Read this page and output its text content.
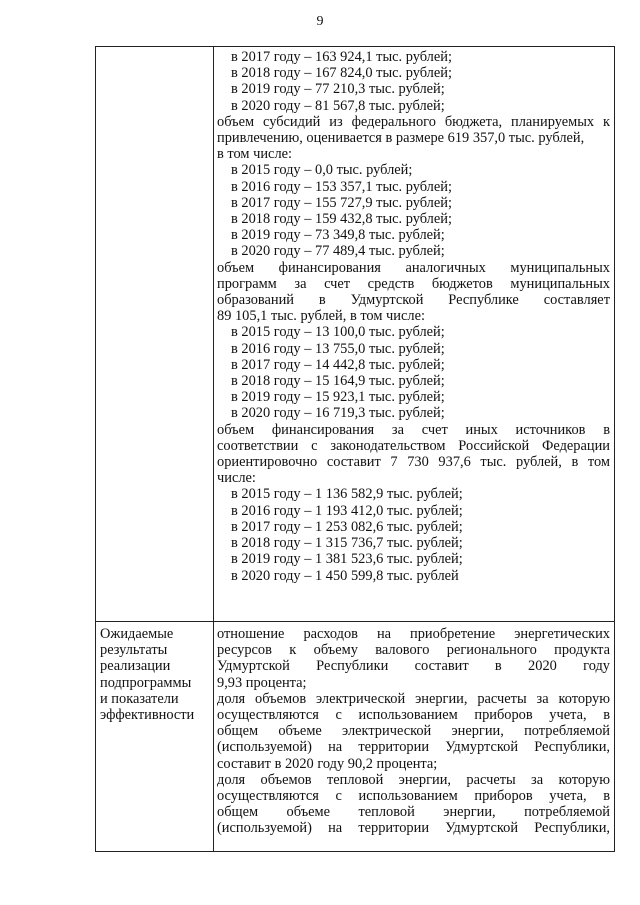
9
в 2017 году – 163 924,1 тыс. рублей;
в 2018 году – 167 824,0 тыс. рублей;
в 2019 году – 77 210,3 тыс. рублей;
в 2020 году – 81 567,8 тыс. рублей;
объем субсидий из федерального бюджета, планируемых к
привлечению, оценивается в размере 619 357,0 тыс. рублей,
в том числе:
в 2015 году – 0,0 тыс. рублей;
в 2016 году – 153 357,1 тыс. рублей;
в 2017 году – 155 727,9 тыс. рублей;
в 2018 году – 159 432,8 тыс. рублей;
в 2019 году – 73 349,8 тыс. рублей;
в 2020 году – 77 489,4 тыс. рублей;
объем финансирования аналогичных муниципальных
программ за счет средств бюджетов муниципальных
образований в Удмуртской Республике составляет
89 105,1 тыс. рублей, в том числе:
в 2015 году – 13 100,0 тыс. рублей;
в 2016 году – 13 755,0 тыс. рублей;
в 2017 году – 14 442,8 тыс. рублей;
в 2018 году – 15 164,9 тыс. рублей;
в 2019 году – 15 923,1 тыс. рублей;
в 2020 году – 16 719,3 тыс. рублей;
объем финансирования за счет иных источников в
соответствии с законодательством Российской Федерации
ориентировочно составит 7 730 937,6 тыс. рублей, в том
числе:
в 2015 году – 1 136 582,9 тыс. рублей;
в 2016 году – 1 193 412,0 тыс. рублей;
в 2017 году – 1 253 082,6 тыс. рублей;
в 2018 году – 1 315 736,7 тыс. рублей;
в 2019 году – 1 381 523,6 тыс. рублей;
в 2020 году – 1 450 599,8 тыс. рублей
Ожидаемые
результаты
реализации
подпрограммы
и показатели
эффективности
отношение расходов на приобретение энергетических
ресурсов к объему валового регионального продукта
Удмуртской Республики составит в 2020 году
9,93 процента;
доля объемов электрической энергии, расчеты за которую
осуществляются с использованием приборов учета, в
общем объеме электрической энергии, потребляемой
(используемой) на территории Удмуртской Республики,
составит в 2020 году 90,2 процента;
доля объемов тепловой энергии, расчеты за которую
осуществляются с использованием приборов учета, в
общем объеме тепловой энергии, потребляемой
(используемой) на территории Удмуртской Республики,
